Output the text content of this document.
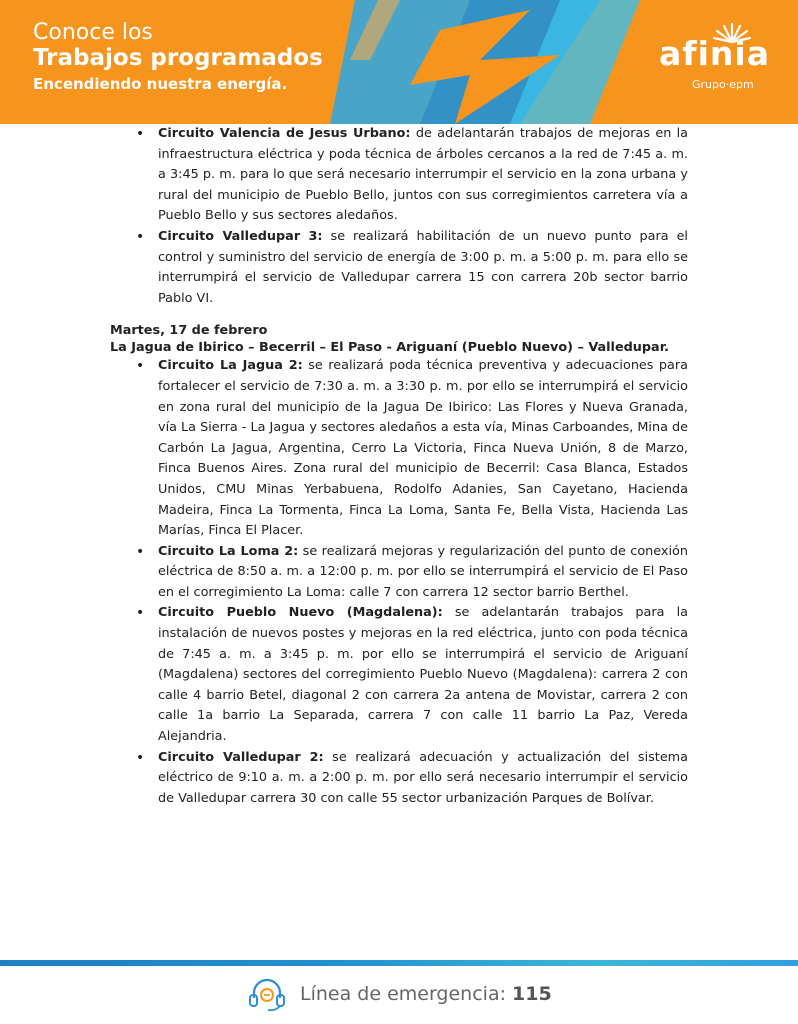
Conoce los
Trabajos programados
Encendiendo nuestra energía.
afinia
Grupo·epm
• Circuito Valencia de Jesus Urbano: de adelantarán trabajos de mejoras en la infraestructura eléctrica y poda técnica de árboles cercanos a la red de 7:45 a. m. a 3:45 p. m. para lo que será necesario interrumpir el servicio en la zona urbana y rural del municipio de Pueblo Bello, juntos con sus corregimientos carretera vía a Pueblo Bello y sus sectores aledaños.
• Circuito Valledupar 3: se realizará habilitación de un nuevo punto para el control y suministro del servicio de energía de 3:00 p. m. a 5:00 p. m. para ello se interrumpirá el servicio de Valledupar carrera 15 con carrera 20b sector barrio Pablo VI.
Martes, 17 de febrero
La Jagua de Ibirico – Becerril – El Paso - Ariguaní (Pueblo Nuevo) – Valledupar.
• Circuito La Jagua 2: se realizará poda técnica preventiva y adecuaciones para fortalecer el servicio de 7:30 a. m. a 3:30 p. m. por ello se interrumpirá el servicio en zona rural del municipio de la Jagua De Ibirico: Las Flores y Nueva Granada, vía La Sierra - La Jagua y sectores aledaños a esta vía, Minas Carboandes, Mina de Carbón La Jagua, Argentina, Cerro La Victoria, Finca Nueva Unión, 8 de Marzo, Finca Buenos Aires. Zona rural del municipio de Becerril: Casa Blanca, Estados Unidos, CMU Minas Yerbabuena, Rodolfo Adanies, San Cayetano, Hacienda Madeira, Finca La Tormenta, Finca La Loma, Santa Fe, Bella Vista, Hacienda Las Marías, Finca El Placer.
• Circuito La Loma 2: se realizará mejoras y regularización del punto de conexión eléctrica de 8:50 a. m. a 12:00 p. m. por ello se interrumpirá el servicio de El Paso en el corregimiento La Loma: calle 7 con carrera 12 sector barrio Berthel.
• Circuito Pueblo Nuevo (Magdalena): se adelantarán trabajos para la instalación de nuevos postes y mejoras en la red eléctrica, junto con poda técnica de 7:45 a. m. a 3:45 p. m. por ello se interrumpirá el servicio de Ariguaní (Magdalena) sectores del corregimiento Pueblo Nuevo (Magdalena): carrera 2 con calle 4 barrio Betel, diagonal 2 con carrera 2a antena de Movistar, carrera 2 con calle 1a barrio La Separada, carrera 7 con calle 11 barrio La Paz, Vereda Alejandria.
• Circuito Valledupar 2: se realizará adecuación y actualización del sistema eléctrico de 9:10 a. m. a 2:00 p. m. por ello será necesario interrumpir el servicio de Valledupar carrera 30 con calle 55 sector urbanización Parques de Bolívar.
Línea de emergencia: 115
